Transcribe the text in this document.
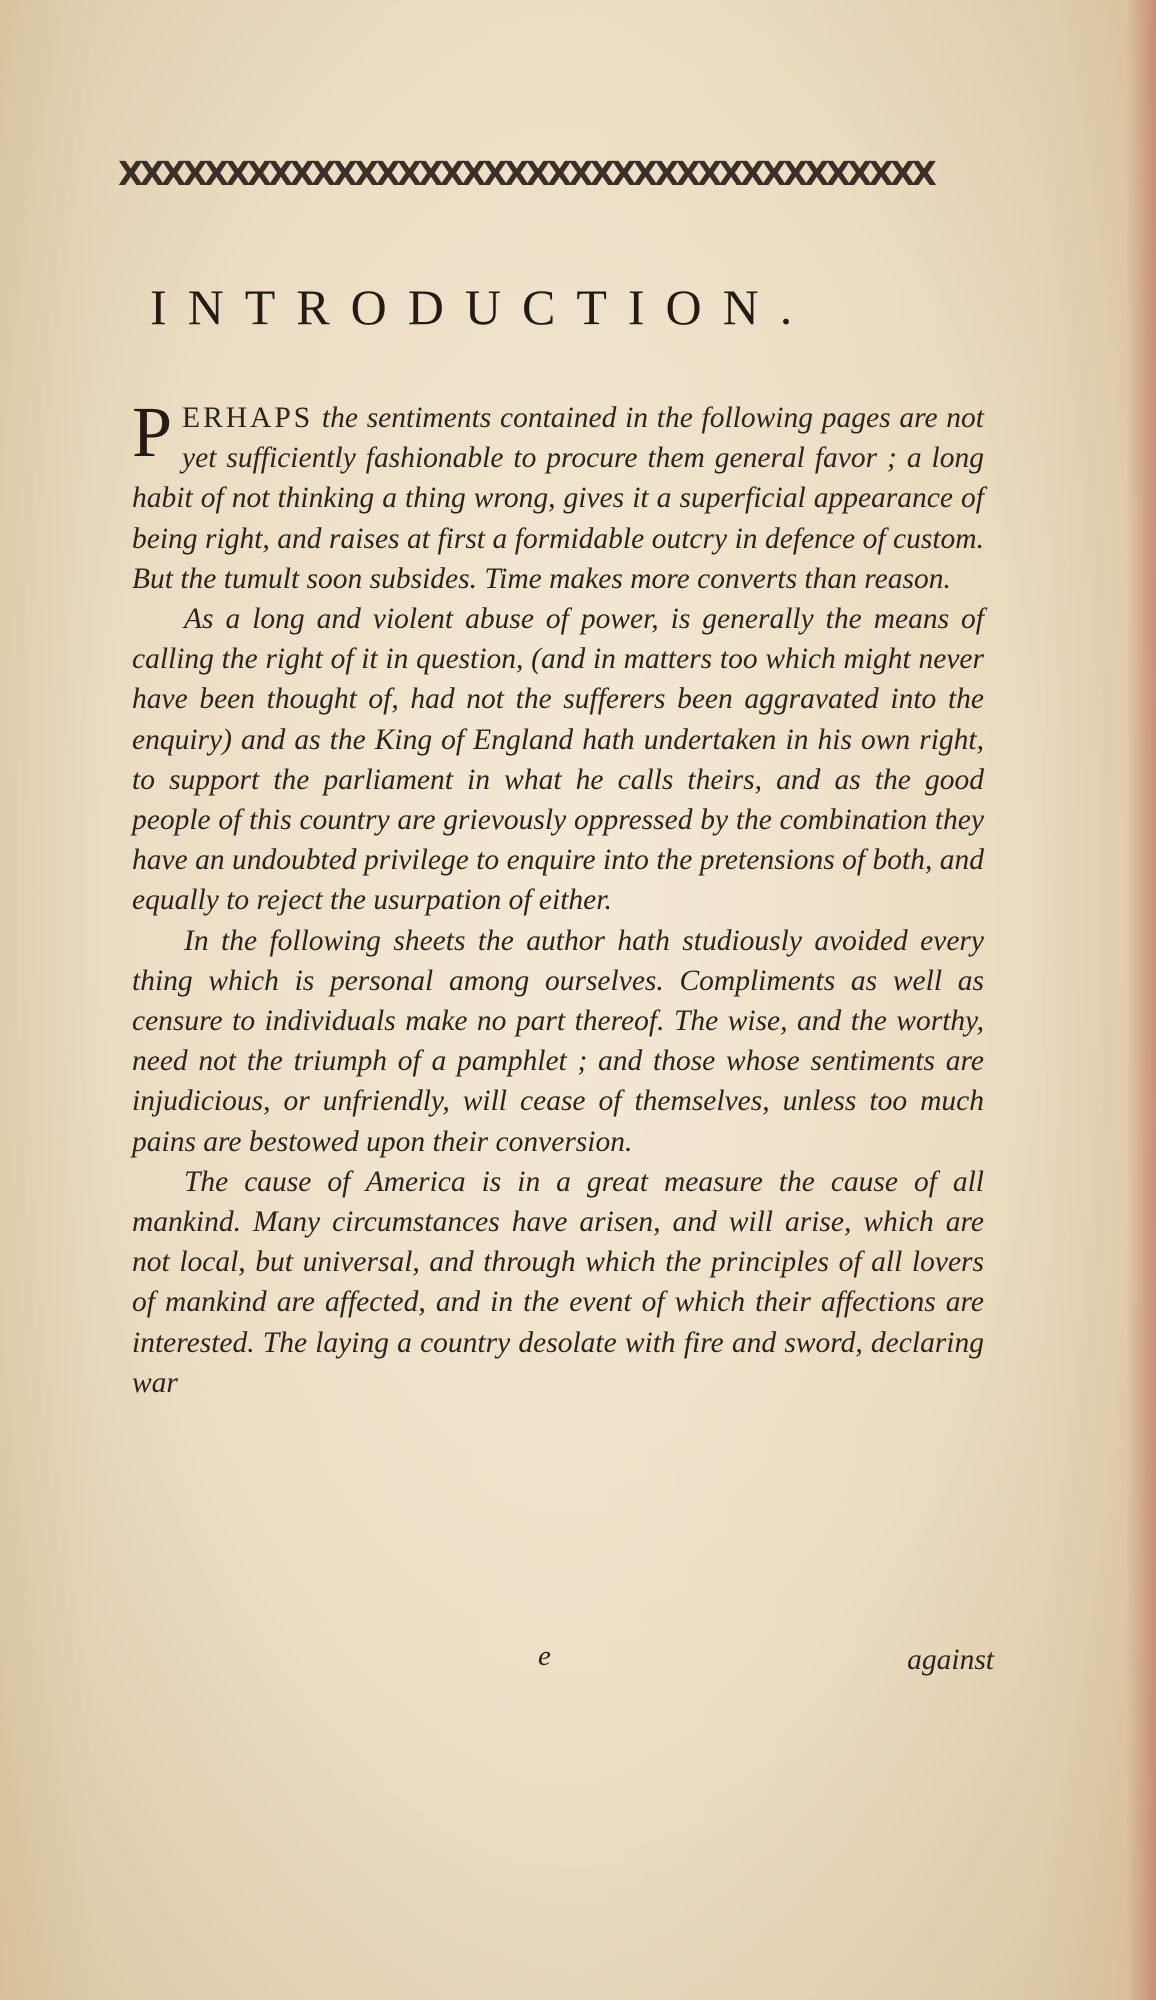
XXXXXXXXXXXXXXXXXXXXXXXXXXXXXXXXXXXXXX
INTRODUCTION.

PERHAPS the sentiments contained in the following pages are not yet sufficiently fashionable to procure them general favor ; a long habit of not thinking a thing wrong, gives it a superficial appearance of being right, and raises at first a formidable outcry in defence of custom. But the tumult soon subsides. Time makes more converts than reason.

As a long and violent abuse of power, is generally the means of calling the right of it in question, (and in matters too which might never have been thought of, had not the sufferers been aggravated into the enquiry) and as the King of England hath undertaken in his own right, to support the parliament in what he calls theirs, and as the good people of this country are grievously oppressed by the combination they have an undoubted privilege to enquire into the pretensions of both, and equally to reject the usurpation of either.

In the following sheets the author hath studiously avoided every thing which is personal among ourselves. Compliments as well as censure to individuals make no part thereof. The wise, and the worthy, need not the triumph of a pamphlet ; and those whose sentiments are injudicious, or unfriendly, will cease of themselves, unless too much pains are bestowed upon their conversion.

The cause of America is in a great measure the cause of all mankind. Many circumstances have arisen, and will arise, which are not local, but universal, and through which the principles of all lovers of mankind are affected, and in the event of which their affections are interested. The laying a country desolate with fire and sword, declaring war

e	against
